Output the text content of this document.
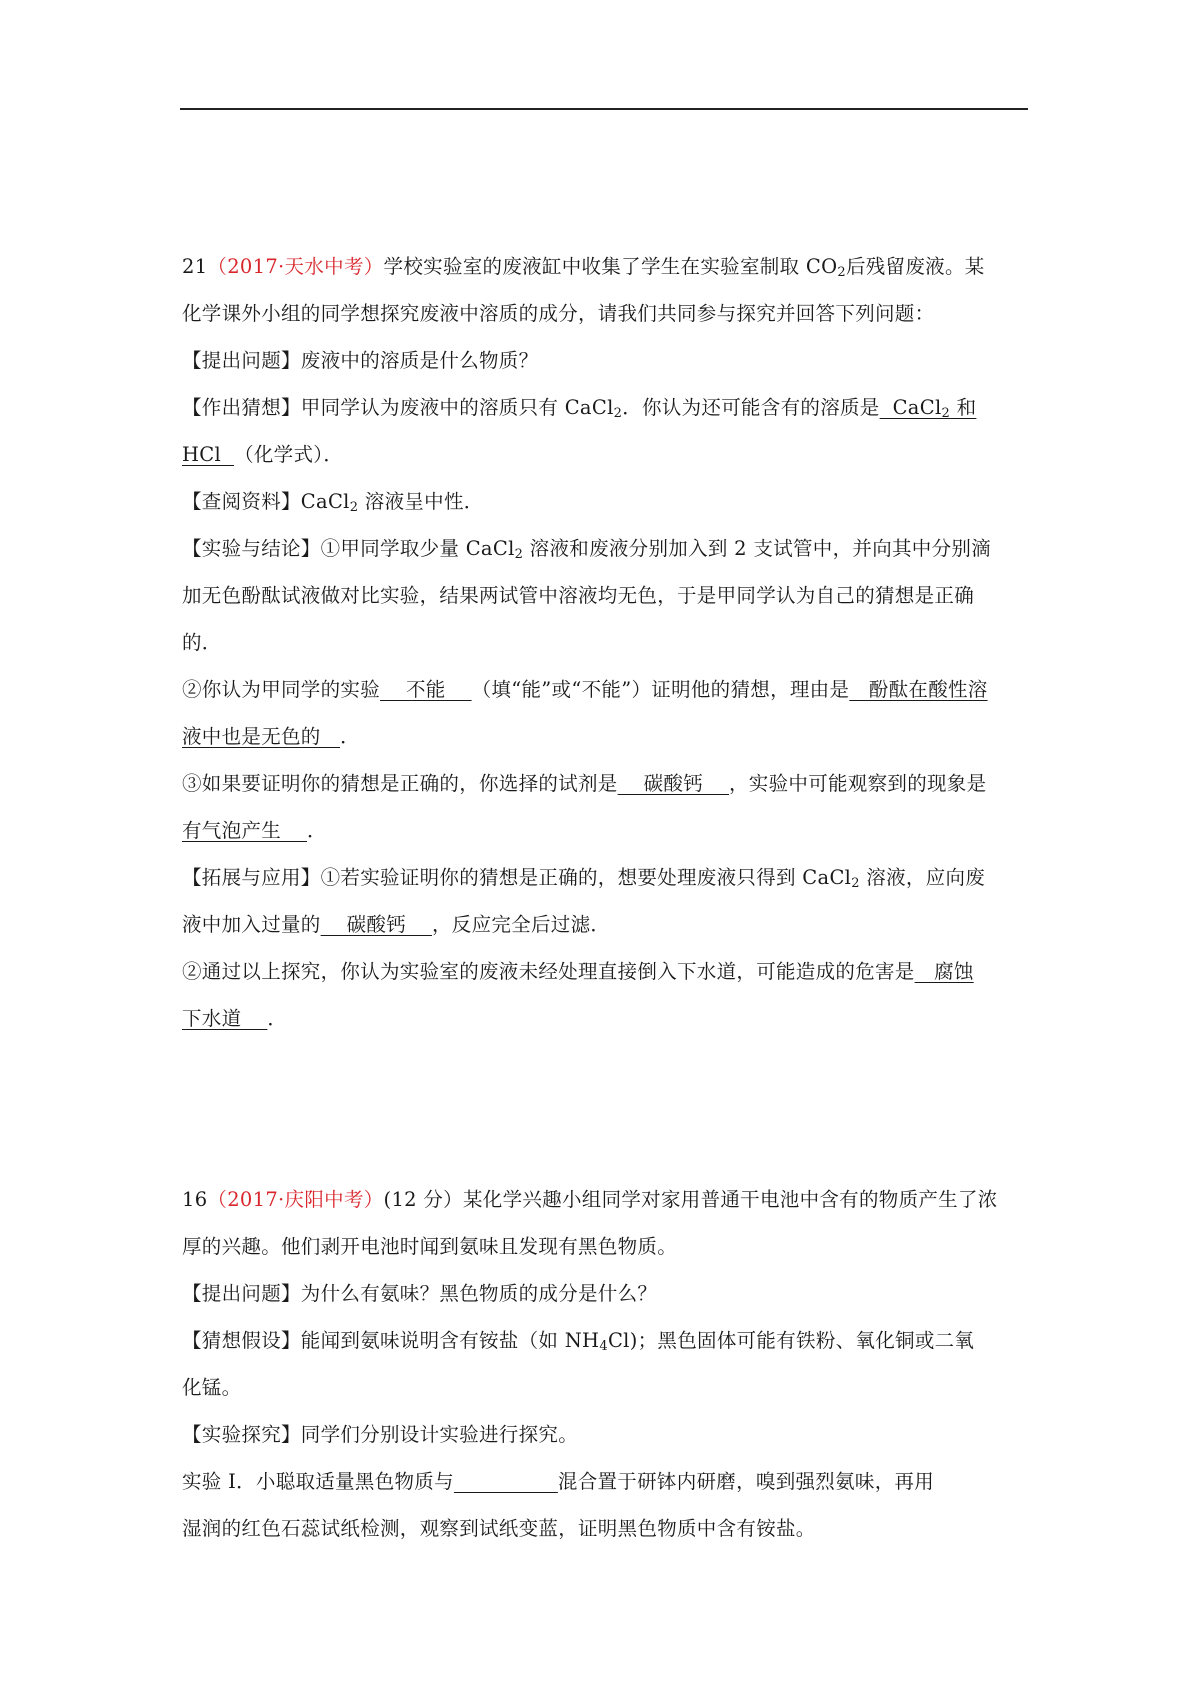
21（2017·天水中考）学校实验室的废液缸中收集了学生在实验室制取 $CO_2$后残留废液。某
化学课外小组的同学想探究废液中溶质的成分，请我们共同参与探究并回答下列问题：
【提出问题】废液中的溶质是什么物质？
【作出猜想】甲同学认为废液中的溶质只有 CaCl$_2$．你认为还可能含有的溶质是  CaCl$_2$ 和
HCl  （化学式）．
【查阅资料】CaCl$_2$ 溶液呈中性．
【实验与结论】①甲同学取少量 CaCl$_2$ 溶液和废液分别加入到 2 支试管中，并向其中分别滴
加无色酚酞试液做对比实验，结果两试管中溶液均无色，于是甲同学认为自己的猜想是正确
的．
②你认为甲同学的实验    不能    （填“能”或“不能”）证明他的猜想，理由是   酚酞在酸性溶
液中也是无色的   ．
③如果要证明你的猜想是正确的，你选择的试剂是    碳酸钙    ，实验中可能观察到的现象是
有气泡产生    ．
【拓展与应用】①若实验证明你的猜想是正确的，想要处理废液只得到 CaCl$_2$ 溶液，应向废
液中加入过量的    碳酸钙    ，反应完全后过滤．
②通过以上探究，你认为实验室的废液未经处理直接倒入下水道，可能造成的危害是   腐蚀
下水道    ．
16（2017·庆阳中考）(12 分）某化学兴趣小组同学对家用普通干电池中含有的物质产生了浓
厚的兴趣。他们剥开电池时闻到氨味且发现有黑色物质。
【提出问题】为什么有氨味？黑色物质的成分是什么？
【猜想假设】能闻到氨味说明含有铵盐（如 $NH_4Cl$)；黑色固体可能有铁粉、氧化铜或二氧
化锰。
【实验探究】同学们分别设计实验进行探究。
实验 I．小聪取适量黑色物质与	混合置于研钵内研磨，嗅到强烈氨味，再用
湿润的红色石蕊试纸检测，观察到试纸变蓝，证明黑色物质中含有铵盐。
